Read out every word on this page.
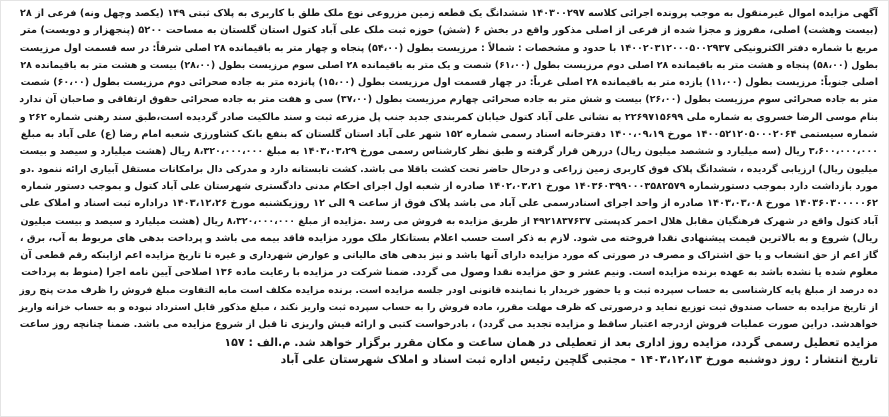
آگهی مزایده اموال غیرمنقول به موجب پرونده اجرائی کلاسه ۱۴۰۳۰۰۲۹۷ ششدانگ یک قطعه زمین مزروعی نوع ملک طلق با کاربری به پلاک ثبتی ۱۴۹ (یکصد وچهل ونه) فرعی از ۲۸
(بیست وهشت) اصلی، مفروز و مجزا شده از فرعی از اصلی مذکور واقع در بخش ۶ (شش) حوزه ثبت ملک علی آباد کتول استان گلستان به مساحت ۵۲۰۰ (پنجهزار و دویست) متر
مربع با شماره دفتر الکترونیکی ۱۴۰۰۲۰۳۱۲۰۰۰۵۰۰۲۹۳۷ با حدود و مشخصات : شمالاً : مرزیست بطول (۵۴،۰۰) پنجاه و چهار متر به باقیمانده ۲۸ اصلی شرقاً: در سه قسمت اول مرزیست
بطول (۵۸،۰۰) پنجاه و هشت متر به باقیمانده ۲۸ اصلی دوم مرزیست بطول (۶۱،۰۰) شصت و یک متر به باقیمانده ۲۸ اصلی سوم مرزیست بطول (۲۸،۰۰) بیست و هشت متر به باقیمانده ۲۸
اصلی جنوباً: مرزیست بطول (۱۱،۰۰) یازده متر به باقیمانده ۲۸ اصلی غرباً: در چهار قسمت اول مرزیست بطول (۱۵،۰۰) پانزده متر به جاده صحرائی دوم مرزیست بطول (۶۰،۰۰) شصت
متر به جاده صحرائی سوم مرزیست بطول (۲۶،۰۰) بیست و شش متر به جاده صحرائی چهارم مرزیست بطول (۳۷،۰۰) سی و هفت متر به جاده صحرائی حقوق ارتفاقی و صاحبان آن ندارد
بنام موسی الرضا خسروی به شماره ملی ۲۲۶۹۷۱۵۶۹۹ به نشانی علی آباد کتول خیابان کمربندی جدید جنب پل مزرعه ثبت و سند مالکیت صادر گردیده است،طبق سند رهنی شماره ۲۶۲ و
شماره سیستمی ۱۴۰۰۵۲۱۲۰۵۰۰۰۲۰۶۴ مورخ ۱۴۰۰،۰۹،۱۹ دفترخانه اسناد رسمی شماره ۱۵۲ شهر علی آباد استان گلستان که بنفع بانک کشاورزی شعبه امام رضا (ع) علی آباد به مبلغ
۳،۶۰۰،۰۰۰،۰۰۰ ریال (سه میلیارد و ششصد میلیون ریال) دررهن قرار گرفته و طبق نظر کارشناس رسمی مورخ ۱۴۰۳،۰۳،۲۹ به مبلغ ۸،۳۲۰،۰۰۰،۰۰۰ ریال (هشت میلیارد و سیصد و بیست
میلیون ریال) ارزیابی گردیده ، ششدانگ پلاک فوق کاربری زمین زراعی و درحال حاضر تحت کشت باقلا می باشد. کشت تابستانه دارد و مدرکی دال برامکانات مستقل آبیاری ارائه ننمود .دو
مورد بازداشت دارد بموجب دستورشماره ۱۴۰۳۶۰۳۹۹۰۰۰۳۵۸۲۵۷۹ مورخ ۱۴۰۲،۰۳،۲۱ صادره از شعبه اول اجرای احکام مدنی دادگستری شهرستان علی آباد کتول و بموجب دستور شماره
۱۴۰۳۶۰۳۰۰۰۰۰۶۲ مورخ ۱۴۰۳،۰۳،۰۸ صادره از واحد اجرای اسنادرسمی علی آباد می باشد پلاک فوق از ساعت ۹ الی ۱۲ روزیکشنبه مورخ ۱۴۰۳،۱۲،۲۶ دراداره ثبت اسناد و املاک علی
آباد کتول واقع در شهرک فرهنگیان مقابل هلال احمر کدپستی ۴۹۲۱۸۳۷۶۳۷ از طریق مزایده به فروش می رسد .مزایده از مبلغ ۸،۳۲۰،۰۰۰،۰۰۰ ریال (هشت میلیارد و سیصد و بیست میلیون
ریال) شروع و به بالاترین قیمت پیشنهادی نقدا فروخته می شود. لازم به ذکر است حسب اعلام بستانکار ملک مورد مزایده فاقد بیمه می باشد و پرداخت بدهی های مربوط به آب، برق ،
گاز اعم از حق انشعاب و یا حق اشتراک و مصرف در صورتی که مورد مزایده دارای آنها باشد و نیز بدهی های مالیاتی و عوارض شهرداری و غیره تا تاریخ مزایده اعم ازاینکه رقم قطعی آن
معلوم شده یا نشده باشد به عهده برنده مزایده است. ونیم عشر و حق مزایده نقدا وصول می گردد. ضمنا شرکت در مزایده با رعایت ماده ۱۳۶ اصلاحی آیین نامه اجرا (منوط به پرداخت
ده درصد از مبلغ پایه کارشناسی به حساب سپرده ثبت و یا حضور خریدار یا نماینده قانونی اودر جلسه مزایده است. برنده مزایده مکلف است مابه التفاوت مبلغ فروش را ظرف مدت پنج روز
از تاریخ مزایده به حساب صندوق ثبت توزیع نماید و درصورتی که ظرف مهلت مقرر، ماده فروش را به حساب سپرده ثبت واریز نکند ، مبلغ مذکور قابل استرداد نبوده و به حساب خزانه واریز
خواهدشد. دراین صورت عملیات فروش ازدرجه اعتبار ساقط و مزایده تجدید می گردد) ، بادرخواست کتبی و ارائه فیش واریزی تا قبل از شروع مزایده می باشد. ضمنا چنانچه روز ساعت
مزایده تعطیل رسمی گردد، مزایده روز اداری بعد از تعطیلی در همان ساعت و مکان مقرر برگزار خواهد شد. م.الف : ۱۵۷
تاریخ انتشار : روز دوشنبه مورخ ۱۴۰۳،۱۲،۱۳ - مجتبی گلچین رئیس اداره ثبت اسناد و املاک شهرستان علی آباد
